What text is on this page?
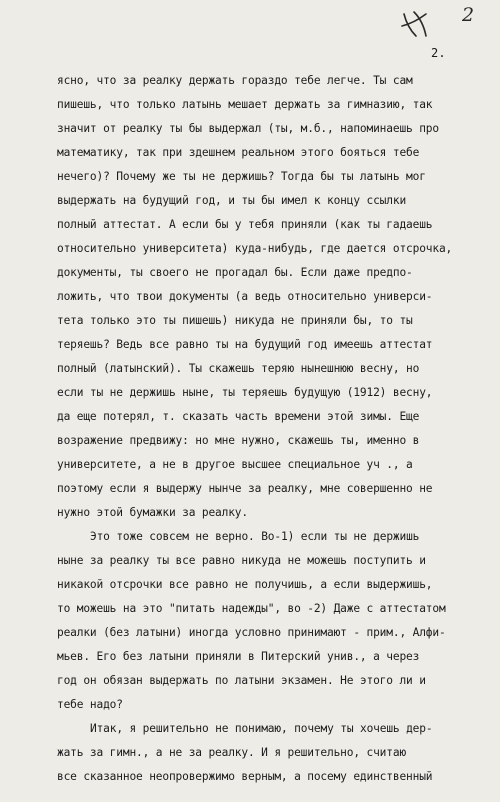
2
2.
ясно, что за реалку держать гораздо тебе легче. Ты сам
пишешь, что только латынь мешает держать за гимназию, так
значит от реалку ты бы выдержал (ты, м.б., напоминаешь про
математику, так при здешнем реальном этого бояться тебе
нечего)? Почему же ты не держишь? Тогда бы ты латынь мог
выдержать на будущий год, и ты бы имел к концу ссылки
полный аттестат. А если бы у тебя приняли (как ты гадаешь
относительно университета) куда-нибудь, где дается отсрочка,
документы, ты своего не прогадал бы. Если даже предпо-
ложить, что твои документы (а ведь относительно универси-
тета только это ты пишешь) никуда не приняли бы, то ты
теряешь? Ведь все равно ты на будущий год имеешь аттестат
полный (латынский). Ты скажешь теряю нынешнюю весну, но
если ты не держишь ныне, ты теряешь будущую (1912) весну,
да еще потерял, т. сказать часть времени этой зимы. Еще
возражение предвижу: но мне нужно, скажешь ты, именно в
университете, а не в другое высшее специальное уч ., а
поэтому если я выдержу нынче за реалку, мне совершенно не
нужно этой бумажки за реалку.
Это тоже совсем не верно. Во-1) если ты не держишь
ныне за реалку ты все равно никуда не можешь поступить и
никакой отсрочки все равно не получишь, а если выдержишь,
то можешь на это "питать надежды", во -2) Даже с аттестатом
реалки (без латыни) иногда условно принимают - прим., Алфи-
мьев. Его без латыни приняли в Питерский унив., а через
год он обязан выдержать по латыни экзамен. Не этого ли и
тебе надо?
Итак, я решительно не понимаю, почему ты хочешь дер-
жать за гимн., а не за реалку. И я решительно, считаю
все сказанное неопровержимо верным, а посему единственный
